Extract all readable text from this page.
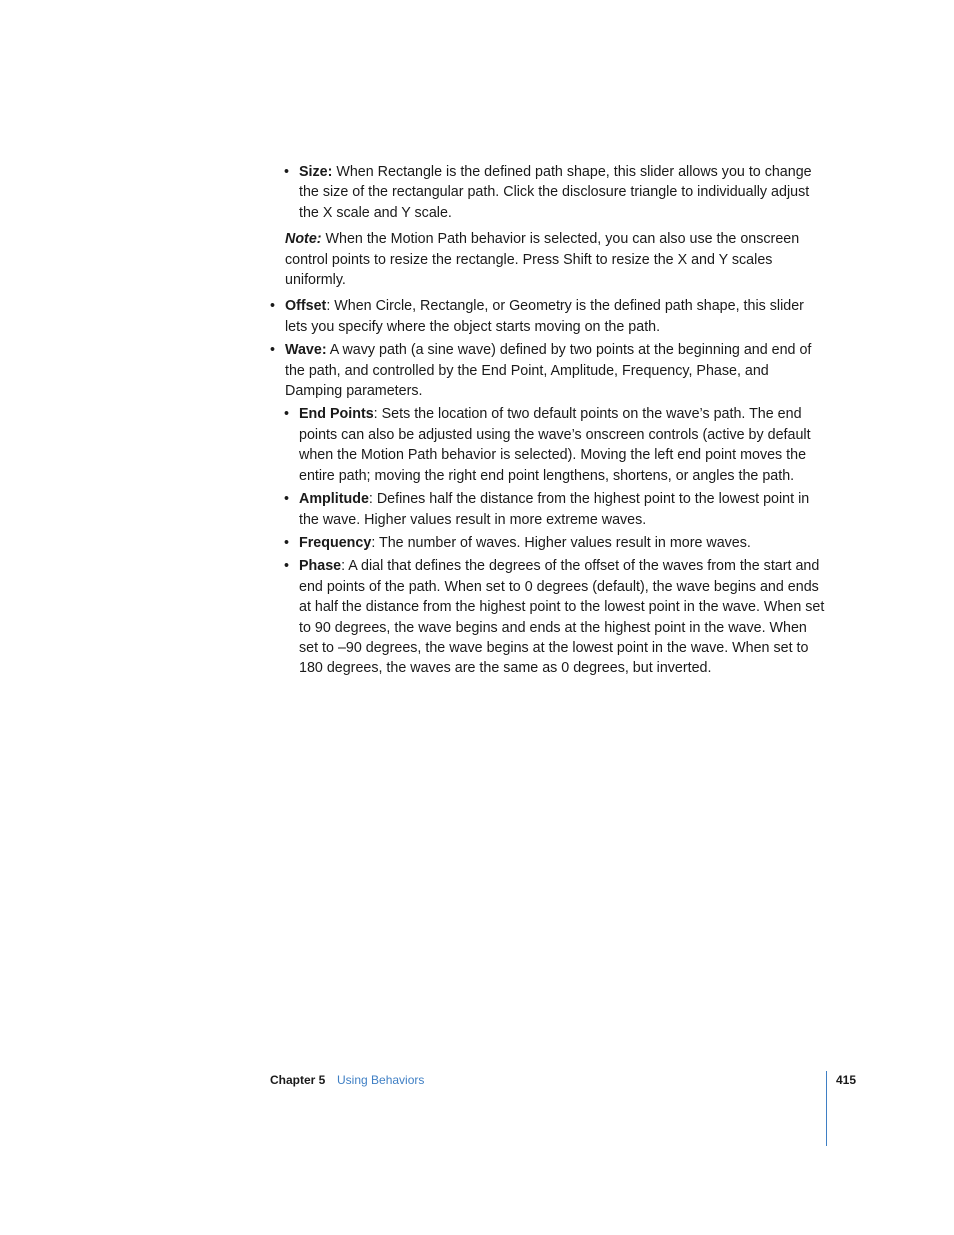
• Size: When Rectangle is the defined path shape, this slider allows you to change the size of the rectangular path. Click the disclosure triangle to individually adjust the X scale and Y scale.
Note: When the Motion Path behavior is selected, you can also use the onscreen control points to resize the rectangle. Press Shift to resize the X and Y scales uniformly.
• Offset: When Circle, Rectangle, or Geometry is the defined path shape, this slider lets you specify where the object starts moving on the path.
• Wave: A wavy path (a sine wave) defined by two points at the beginning and end of the path, and controlled by the End Point, Amplitude, Frequency, Phase, and Damping parameters.
• End Points: Sets the location of two default points on the wave’s path. The end points can also be adjusted using the wave’s onscreen controls (active by default when the Motion Path behavior is selected). Moving the left end point moves the entire path; moving the right end point lengthens, shortens, or angles the path.
• Amplitude: Defines half the distance from the highest point to the lowest point in the wave. Higher values result in more extreme waves.
• Frequency: The number of waves. Higher values result in more waves.
• Phase: A dial that defines the degrees of the offset of the waves from the start and end points of the path. When set to 0 degrees (default), the wave begins and ends at half the distance from the highest point to the lowest point in the wave. When set to 90 degrees, the wave begins and ends at the highest point in the wave. When set to –90 degrees, the wave begins at the lowest point in the wave. When set to 180 degrees, the waves are the same as 0 degrees, but inverted.
Chapter 5 Using Behaviors	415
